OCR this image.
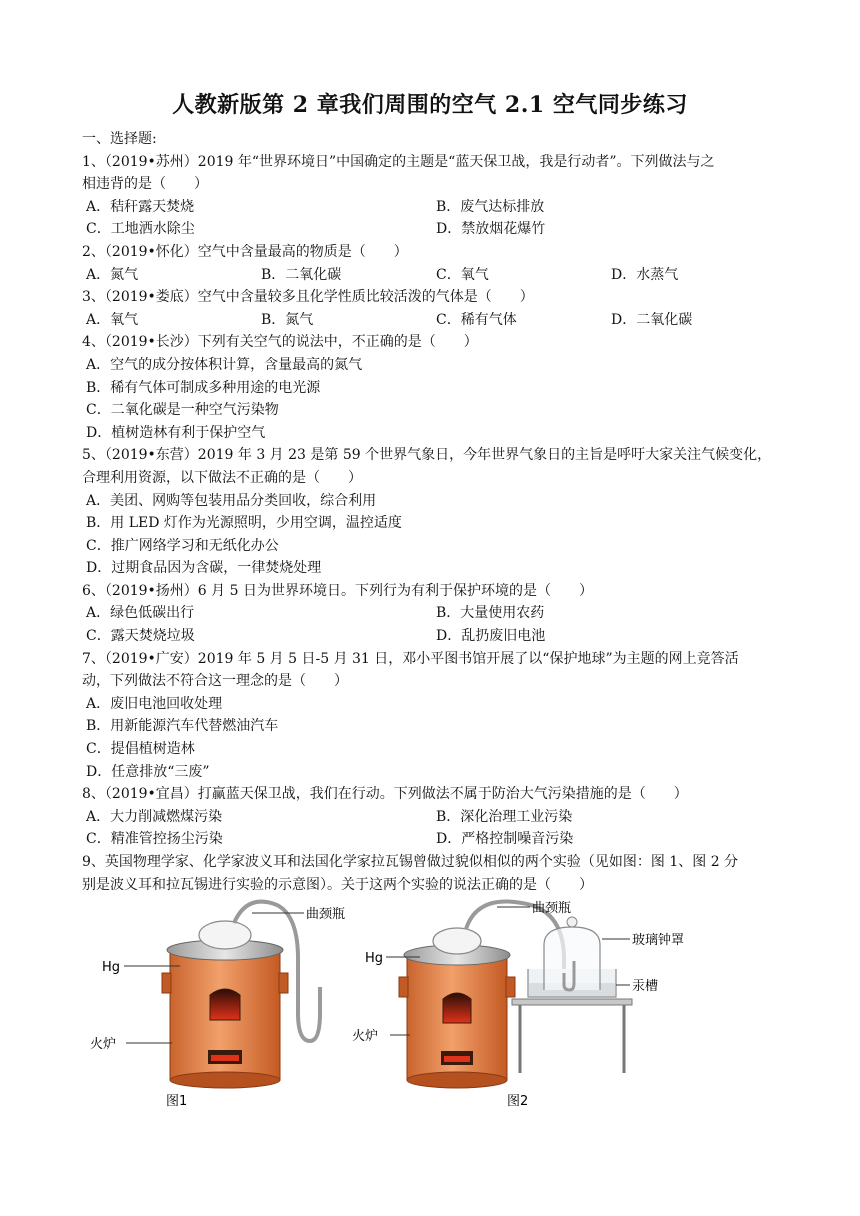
人教新版第 2 章我们周围的空气 2.1 空气同步练习
一、选择题:
1、（2019•苏州）2019 年“世界环境日”中国确定的主题是“蓝天保卫战，我是行动者”。下列做法与之
相违背的是（　　）
A．秸秆露天焚烧	B．废气达标排放
C．工地洒水除尘	D．禁放烟花爆竹
2、（2019•怀化）空气中含量最高的物质是（　　）
A．氮气	B．二氧化碳	C．氧气	D．水蒸气
3、（2019•娄底）空气中含量较多且化学性质比较活泼的气体是（　　）
A．氧气	B．氮气	C．稀有气体	D．二氧化碳
4、（2019•长沙）下列有关空气的说法中，不正确的是（　　）
A．空气的成分按体积计算，含量最高的氮气
B．稀有气体可制成多种用途的电光源
C．二氧化碳是一种空气污染物
D．植树造林有利于保护空气
5、（2019•东营）2019 年 3 月 23 是第 59 个世界气象日，今年世界气象日的主旨是呼吁大家关注气候变化，
合理利用资源，以下做法不正确的是（　　）
A．美团、网购等包装用品分类回收，综合利用
B．用 LED 灯作为光源照明，少用空调，温控适度
C．推广网络学习和无纸化办公
D．过期食品因为含碳，一律焚烧处理
6、（2019•扬州）6 月 5 日为世界环境日。下列行为有利于保护环境的是（　　）
A．绿色低碳出行	B．大量使用农药
C．露天焚烧垃圾	D．乱扔废旧电池
7、（2019•广安）2019 年 5 月 5 日-5 月 31 日，邓小平图书馆开展了以“保护地球”为主题的网上竞答活
动，下列做法不符合这一理念的是（　　）
A．废旧电池回收处理
B．用新能源汽车代替燃油汽车
C．提倡植树造林
D．任意排放“三废”
8、（2019•宜昌）打赢蓝天保卫战，我们在行动。下列做法不属于防治大气污染措施的是（　　）
A．大力削减燃煤污染	B．深化治理工业污染
C．精准管控扬尘污染	D．严格控制噪音污染
9、英国物理学家、化学家波义耳和法国化学家拉瓦锡曾做过貌似相似的两个实验（见如图：图 1、图 2 分
别是波义耳和拉瓦锡进行实验的示意图）。关于这两个实验的说法正确的是（　　）
曲颈瓶
Hg
火炉
图1
曲颈瓶
玻璃钟罩
汞槽
Hg
火炉
图2
